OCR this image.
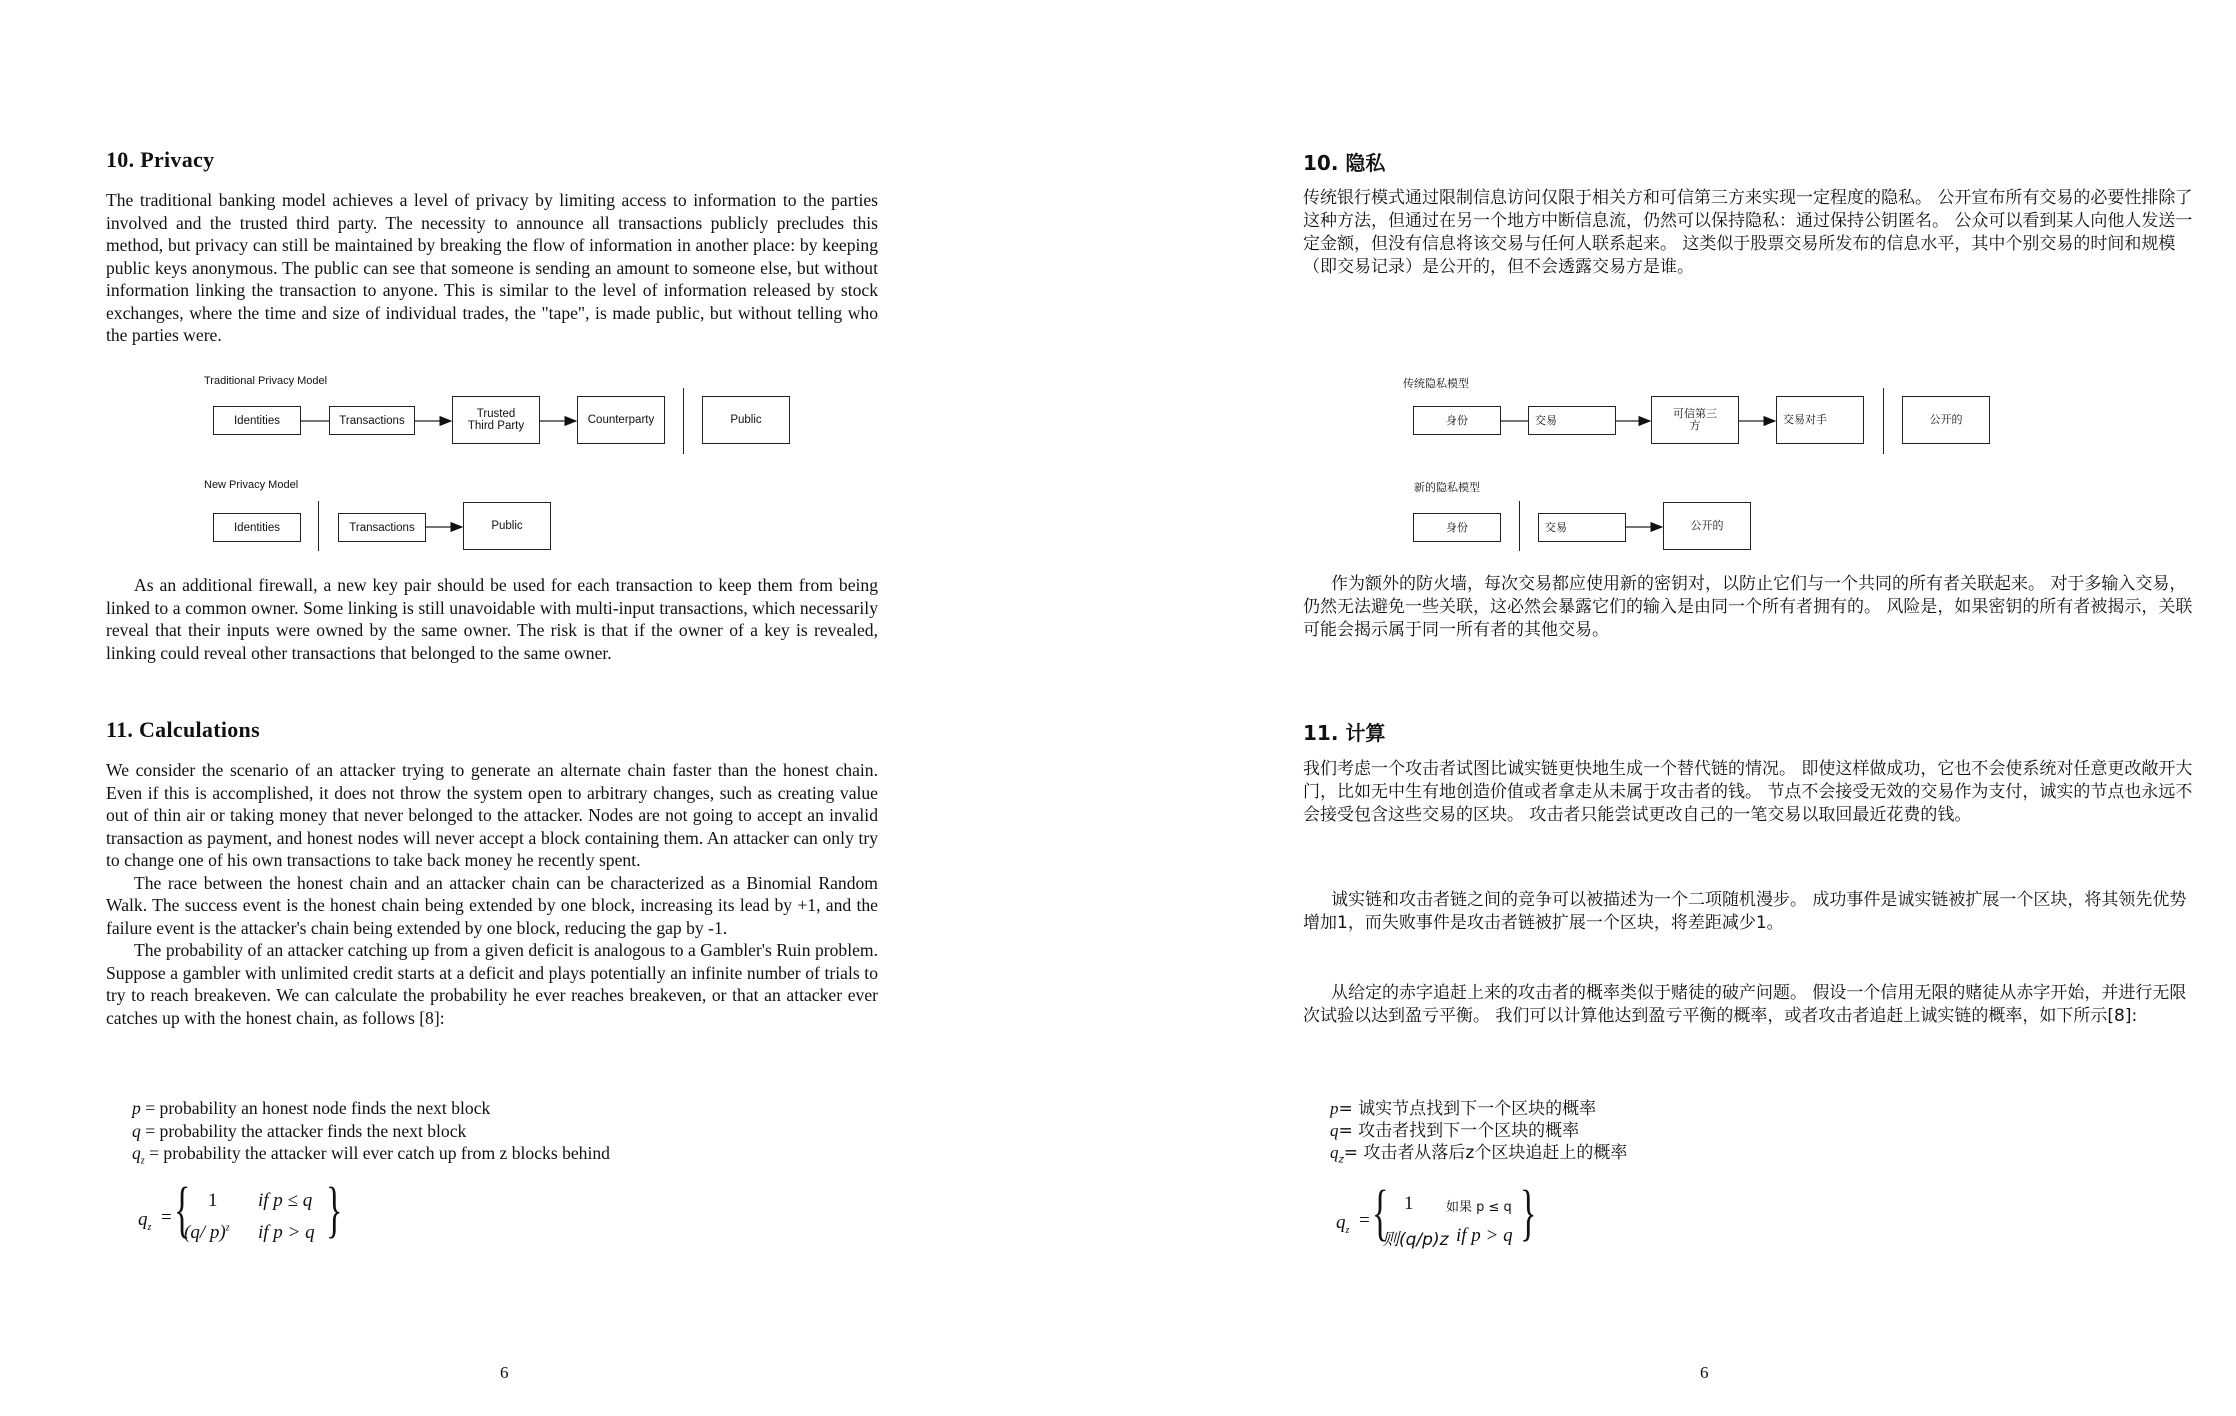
10. Privacy

The traditional banking model achieves a level of privacy by limiting access to information to the parties involved and the trusted third party. The necessity to announce all transactions publicly precludes this method, but privacy can still be maintained by breaking the flow of information in another place: by keeping public keys anonymous. The public can see that someone is sending an amount to someone else, but without information linking the transaction to anyone. This is similar to the level of information released by stock exchanges, where the time and size of individual trades, the "tape", is made public, but without telling who the parties were.

Traditional Privacy Model
Identities	Transactions
Trusted Third Party	Counterparty	Public
New Privacy Model
Identities	Transactions	Public

As an additional firewall, a new key pair should be used for each transaction to keep them from being linked to a common owner. Some linking is still unavoidable with multi-input transactions, which necessarily reveal that their inputs were owned by the same owner. The risk is that if the owner of a key is revealed, linking could reveal other transactions that belonged to the same owner.

11. Calculations

We consider the scenario of an attacker trying to generate an alternate chain faster than the honest chain. Even if this is accomplished, it does not throw the system open to arbitrary changes, such as creating value out of thin air or taking money that never belonged to the attacker. Nodes are not going to accept an invalid transaction as payment, and honest nodes will never accept a block containing them. An attacker can only try to change one of his own transactions to take back money he recently spent.

The race between the honest chain and an attacker chain can be characterized as a Binomial Random Walk. The success event is the honest chain being extended by one block, increasing its lead by +1, and the failure event is the attacker's chain being extended by one block, reducing the gap by -1.

The probability of an attacker catching up from a given deficit is analogous to a Gambler's Ruin problem. Suppose a gambler with unlimited credit starts at a deficit and plays potentially an infinite number of trials to try to reach breakeven. We can calculate the probability he ever reaches breakeven, or that an attacker ever catches up with the honest chain, as follows [8]:

p = probability an honest node finds the next block
q = probability the attacker finds the next block
$q_z$ = probability the attacker will ever catch up from z blocks behind
$q_z$ = { 1 if p ≤ q
(q/ p)$^z$ if p > q }
6
10. 隐私

传统银行模式通过限制信息访问仅限于相关方和可信第三方来实现一定程度的隐私。 公开宣布所有交易的必要性排除了这种方法，但通过在另一个地方中断信息流，仍然可以保持隐私：通过保持公钥匿名。 公众可以看到某人向他人发送一定金额，但没有信息将该交易与任何人联系起来。 这类似于股票交易所发布的信息水平，其中个别交易的时间和规模（即交易记录）是公开的，但不会透露交易方是谁。

传统隐私模型
身份	交易	可信第三方	交易对手	公开的
新的隐私模型
身份	交易	公开的

作为额外的防火墙，每次交易都应使用新的密钥对，以防止它们与一个共同的所有者关联起来。 对于多输入交易，仍然无法避免一些关联，这必然会暴露它们的输入是由同一个所有者拥有的。 风险是，如果密钥的所有者被揭示，关联可能会揭示属于同一所有者的其他交易。

11. 计算

我们考虑一个攻击者试图比诚实链更快地生成一个替代链的情况。 即使这样做成功，它也不会使系统对任意更改敞开大门，比如无中生有地创造价值或者拿走从未属于攻击者的钱。 节点不会接受无效的交易作为支付，诚实的节点也永远不会接受包含这些交易的区块。 攻击者只能尝试更改自己的一笔交易以取回最近花费的钱。

诚实链和攻击者链之间的竞争可以被描述为一个二项随机漫步。 成功事件是诚实链被扩展一个区块，将其领先优势增加1，而失败事件是攻击者链被扩展一个区块，将差距减少1。

从给定的赤字追赶上来的攻击者的概率类似于赌徒的破产问题。 假设一个信用无限的赌徒从赤字开始，并进行无限次试验以达到盈亏平衡。 我们可以计算他达到盈亏平衡的概率，或者攻击者追赶上诚实链的概率，如下所示[8]:

p= 诚实节点找到下一个区块的概率
q= 攻击者找到下一个区块的概率
$q_z=$ 攻击者从落后z个区块追赶上的概率
$q_z$ = { 1	如果 p ≤ q
则(q/p)z if p > q }
6
